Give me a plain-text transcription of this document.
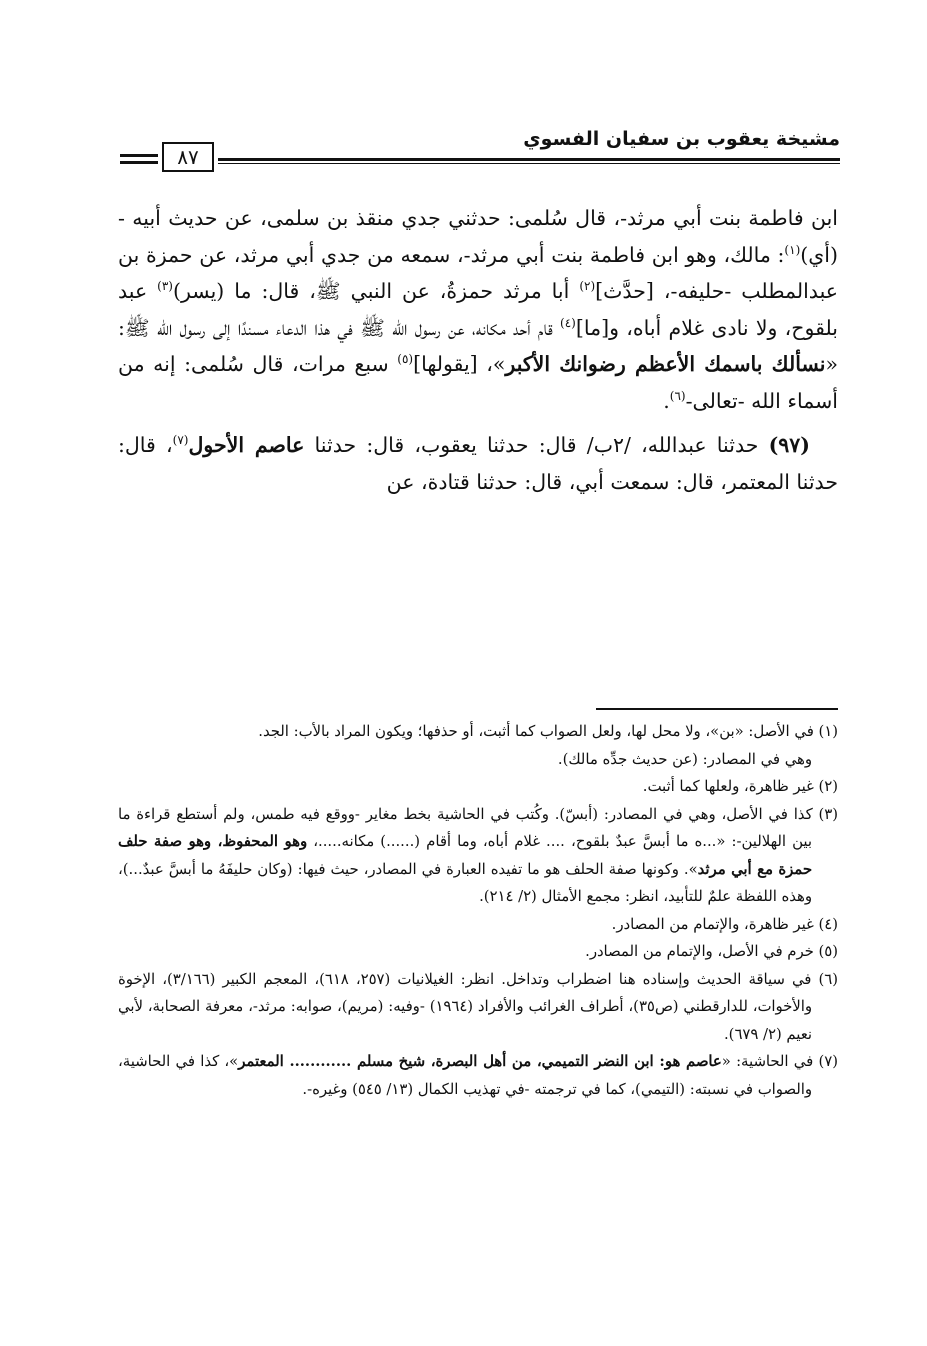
مشيخة يعقوب بن سفيان الفسوي
٨٧

ابن فاطمة بنت أبي مرثد-، قال سُلمى: حدثني جدي منقذ بن سلمى، عن حديث أبيه -(أي)$^{(١)}$: مالك، وهو ابن فاطمة بنت أبي مرثد-، سمعه من جدي أبي مرثد، عن حمزة بن عبدالمطلب -حليفه-، [حدَّث]$^{(٢)}$ أبا مرثد حمزةُ، عن النبي ﷺ، قال: ما (يسر)$^{(٣)}$ عبد بلقوح، ولا نادى غلام أباه، و[ما]$^{(٤)}$ قام أحد مكانه، عن رسول الله ﷺ في هذا الدعاء مسندًا إلى رسول الله ﷺ: «نسألك باسمك الأعظم رضوانك الأكبر»، [يقولها]$^{(٥)}$ سبع مرات، قال سُلمى: إنه من أسماء الله -تعالى-$^{(٦)}$.

(٩٧) حدثنا عبدالله، /٢ب/ قال: حدثنا يعقوب، قال: حدثنا عاصم الأحول$^{(٧)}$، قال: حدثنا المعتمر، قال: سمعت أبي، قال: حدثنا قتادة، عن

(١) في الأصل: «بن»، ولا محل لها، ولعل الصواب كما أثبت، أو حذفها؛ ويكون المراد بالأب: الجد.
وهي في المصادر: (عن حديث جدِّه مالك).

(٢) غير ظاهرة، ولعلها كما أثبت.

(٣) كذا في الأصل، وهي في المصادر: (أبسّ). وكُتب في الحاشية بخط مغاير -ووقع فيه طمس، ولم أستطع قراءة ما بين الهلالين-: «...ه ما أبسَّ عبدٌ بلقوح، .... غلام أباه، وما أقام (......) مكانه.....، وهو المحفوظ، وهو صفة حلف حمزة مع أبي مرثد». وكونها صفة الحلف هو ما تفيده العبارة في المصادر، حيث فيها: (وكان حليفَهُ ما أبسَّ عبدٌ...)، وهذه اللفظة علمٌ للتأبيد، انظر: مجمع الأمثال (٢/ ٢١٤).

(٤) غير ظاهرة، والإتمام من المصادر.

(٥) خرم في الأصل، والإتمام من المصادر.

(٦) في سياقة الحديث وإسناده هنا اضطراب وتداخل. انظر: الغيلانيات (٢٥٧، ٦١٨)، المعجم الكبير (٣/١٦٦)، الإخوة والأخوات، للدارقطني (ص٣٥)، أطراف الغرائب والأفراد (١٩٦٤) -وفيه: (مريم)، صوابه: مرثد-، معرفة الصحابة، لأبي نعيم (٢/ ٦٧٩).

(٧) في الحاشية: «عاصم هو: ابن النضر التميمي، من أهل البصرة، شيخ مسلم ............ المعتمر»، كذا في الحاشية، والصواب في نسبته: (التيمي)، كما في ترجمته -في تهذيب الكمال (١٣/ ٥٤٥) وغيره-.
